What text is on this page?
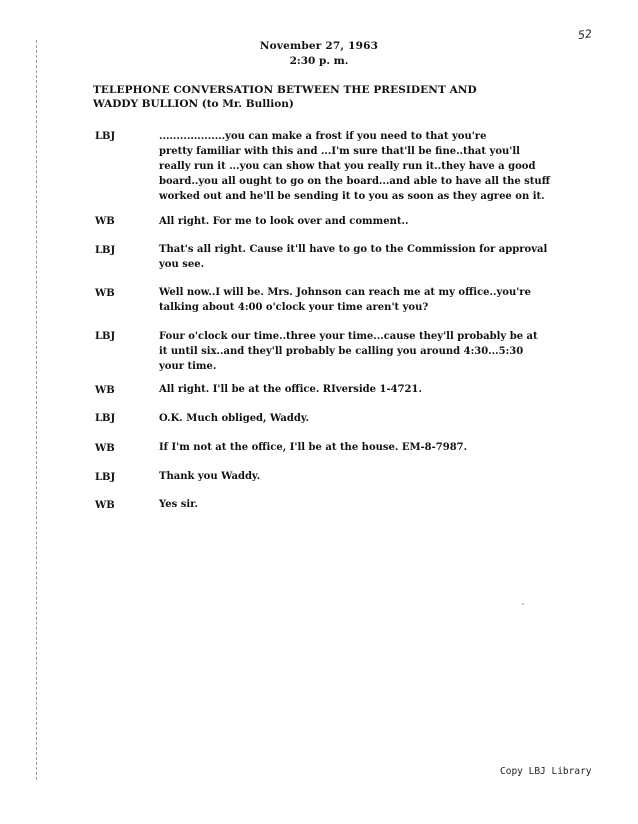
52
November 27, 1963
2:30 p. m.
TELEPHONE CONVERSATION BETWEEN THE PRESIDENT AND
WADDY BULLION (to Mr. Bullion)
LBJ	...................you can make a frost if you need to that you're
pretty familiar with this and ...I'm sure that'll be fine..that you'll
really run it ...you can show that you really run it..they have a good
board..you all ought to go on the board...and able to have all the stuff
worked out and he'll be sending it to you as soon as they agree on it.
WB	All right. For me to look over and comment..
LBJ	That's all right. Cause it'll have to go to the Commission for approval
you see.
WB	Well now..I will be. Mrs. Johnson can reach me at my office..you're
talking about 4:00 o'clock your time aren't you?
LBJ	Four o'clock our time..three your time...cause they'll probably be at
it until six..and they'll probably be calling you around 4:30...5:30
your time.
WB	All right. I'll be at the office. RIverside 1-4721.
LBJ	O.K. Much obliged, Waddy.
WB	If I'm not at the office, I'll be at the house. EM-8-7987.
LBJ	Thank you Waddy.
WB	Yes sir.
Copy LBJ Library
